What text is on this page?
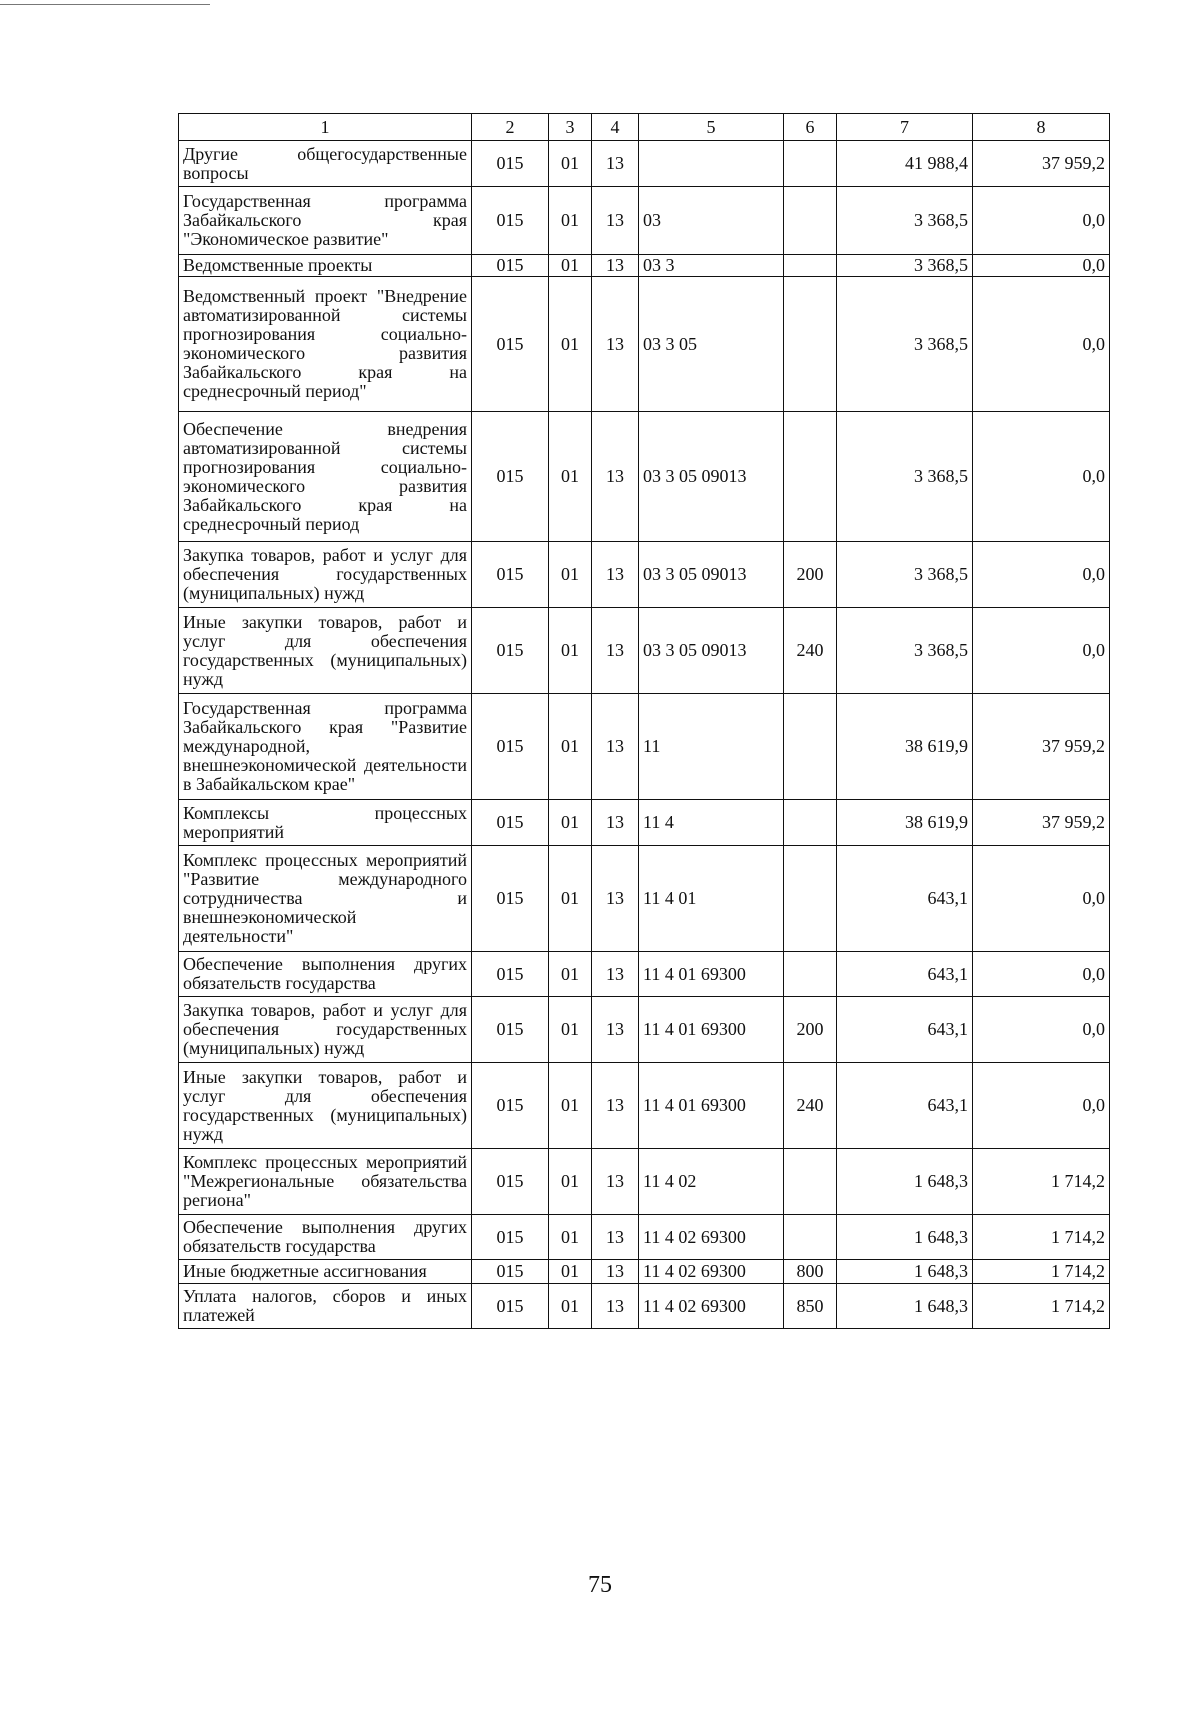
1	2	3	4	5	6	7	8
Другие общегосударственные вопросы	015	01	13			41 988,4	37 959,2
Государственная программа Забайкальского края "Экономическое развитие"	015	01	13	03		3 368,5	0,0
Ведомственные проекты	015	01	13	03 3		3 368,5	0,0
Ведомственный проект "Внедрение автоматизированной системы прогнозирования социально-экономического развития Забайкальского края на среднесрочный период"	015	01	13	03 3 05		3 368,5	0,0
Обеспечение внедрения автоматизированной системы прогнозирования социально-экономического развития Забайкальского края на среднесрочный период	015	01	13	03 3 05 09013		3 368,5	0,0
Закупка товаров, работ и услуг для обеспечения государственных (муниципальных) нужд	015	01	13	03 3 05 09013	200	3 368,5	0,0
Иные закупки товаров, работ и услуг для обеспечения государственных (муниципальных) нужд	015	01	13	03 3 05 09013	240	3 368,5	0,0
Государственная программа Забайкальского края "Развитие международной, внешнеэкономической деятельности в Забайкальском крае"	015	01	13	11		38 619,9	37 959,2
Комплексы процессных мероприятий	015	01	13	11 4		38 619,9	37 959,2
Комплекс процессных мероприятий "Развитие международного сотрудничества и внешнеэкономической деятельности"	015	01	13	11 4 01		643,1	0,0
Обеспечение выполнения других обязательств государства	015	01	13	11 4 01 69300		643,1	0,0
Закупка товаров, работ и услуг для обеспечения государственных (муниципальных) нужд	015	01	13	11 4 01 69300	200	643,1	0,0
Иные закупки товаров, работ и услуг для обеспечения государственных (муниципальных) нужд	015	01	13	11 4 01 69300	240	643,1	0,0
Комплекс процессных мероприятий "Межрегиональные обязательства региона"	015	01	13	11 4 02		1 648,3	1 714,2
Обеспечение выполнения других обязательств государства	015	01	13	11 4 02 69300		1 648,3	1 714,2
Иные бюджетные ассигнования	015	01	13	11 4 02 69300	800	1 648,3	1 714,2
Уплата налогов, сборов и иных платежей	015	01	13	11 4 02 69300	850	1 648,3	1 714,2
75
